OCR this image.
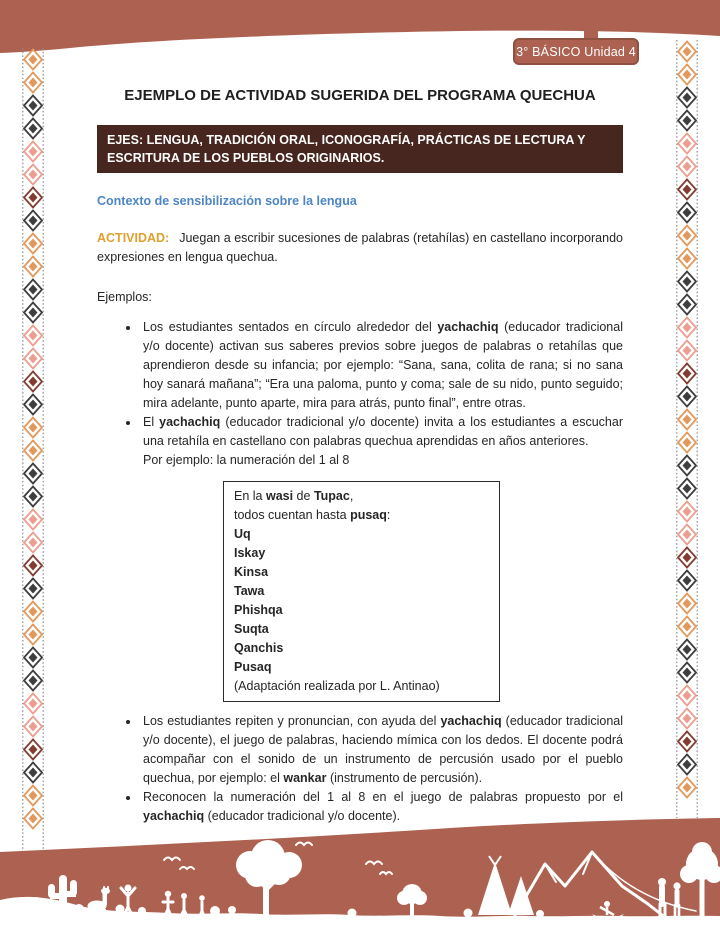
3° BÁSICO Unidad 4
EJEMPLO DE ACTIVIDAD SUGERIDA DEL PROGRAMA QUECHUA
EJES: LENGUA, TRADICIÓN ORAL, ICONOGRAFÍA, PRÁCTICAS DE LECTURA Y ESCRITURA DE LOS PUEBLOS ORIGINARIOS.
Contexto de sensibilización sobre la lengua

ACTIVIDAD: Juegan a escribir sucesiones de palabras (retahílas) en castellano incorporando expresiones en lengua quechua.

Ejemplos:

• Los estudiantes sentados en círculo alrededor del yachachiq (educador tradicional y/o docente) activan sus saberes previos sobre juegos de palabras o retahílas que aprendieron desde su infancia; por ejemplo: “Sana, sana, colita de rana; si no sana hoy sanará mañana”; “Era una paloma, punto y coma; sale de su nido, punto seguido; mira adelante, punto aparte, mira para atrás, punto final”, entre otras.
• El yachachiq (educador tradicional y/o docente) invita a los estudiantes a escuchar una retahíla en castellano con palabras quechua aprendidas en años anteriores.
Por ejemplo: la numeración del 1 al 8
En la wasi de Tupac,
todos cuentan hasta pusaq:
Uq
Iskay
Kinsa
Tawa
Phishqa
Suqta
Qanchis
Pusaq
(Adaptación realizada por L. Antinao)
• Los estudiantes repiten y pronuncian, con ayuda del yachachiq (educador tradicional y/o docente), el juego de palabras, haciendo mímica con los dedos. El docente podrá acompañar con el sonido de un instrumento de percusión usado por el pueblo quechua, por ejemplo: el wankar (instrumento de percusión).
• Reconocen la numeración del 1 al 8 en el juego de palabras propuesto por el yachachiq (educador tradicional y/o docente).
